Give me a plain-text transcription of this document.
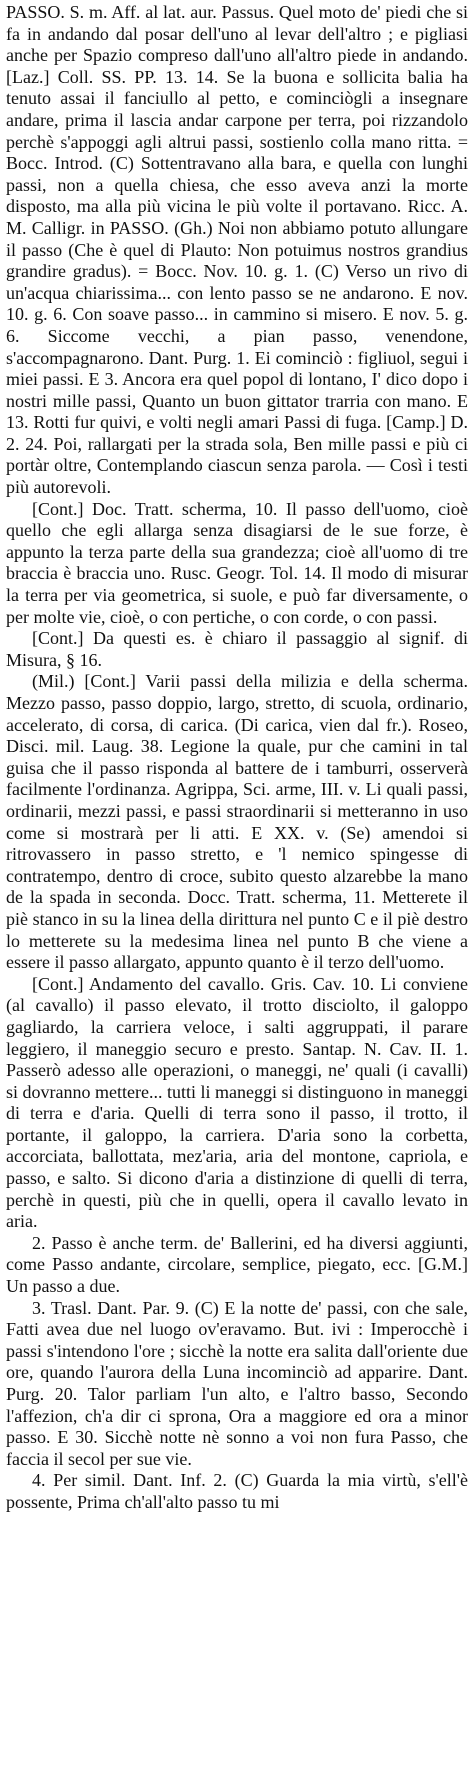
PASSO. S. m. Aff. al lat. aur. Passus. Quel moto de' piedi che si fa in andando dal posar dell'uno al levar dell'altro ; e pigliasi anche per Spazio compreso dall'uno all'altro piede in andando. [Laz.] Coll. SS. PP. 13. 14. Se la buona e sollicita balia ha tenuto assai il fanciullo al petto, e cominciògli a insegnare andare, prima il lascia andar carpone per terra, poi rizzandolo perchè s'appoggi agli altrui passi, sostienlo colla mano ritta. = Bocc. Introd. (C) Sottentravano alla bara, e quella con lunghi passi, non a quella chiesa, che esso aveva anzi la morte disposto, ma alla più vicina le più volte il portavano. Ricc. A. M. Calligr. in PASSO. (Gh.) Noi non abbiamo potuto allungare il passo (Che è quel di Plauto: Non potuimus nostros grandius grandire gradus). = Bocc. Nov. 10. g. 1. (C) Verso un rivo di un'acqua chiarissima... con lento passo se ne andarono. E nov. 10. g. 6. Con soave passo... in cammino si misero. E nov. 5. g. 6. Siccome vecchi, a pian passo, venendone, s'accompagnarono. Dant. Purg. 1. Ei cominciò : figliuol, segui i miei passi. E 3. Ancora era quel popol di lontano, I' dico dopo i nostri mille passi, Quanto un buon gittator trarria con mano. E 13. Rotti fur quivi, e volti negli amari Passi di fuga. [Camp.] D. 2. 24. Poi, rallargati per la strada sola, Ben mille passi e più ci portàr oltre, Contemplando ciascun senza parola. — Così i testi più autorevoli.

[Cont.] Doc. Tratt. scherma, 10. Il passo dell'uomo, cioè quello che egli allarga senza disagiarsi de le sue forze, è appunto la terza parte della sua grandezza; cioè all'uomo di tre braccia è braccia uno. Rusc. Geogr. Tol. 14. Il modo di misurar la terra per via geometrica, si suole, e può far diversamente, o per molte vie, cioè, o con pertiche, o con corde, o con passi.

[Cont.] Da questi es. è chiaro il passaggio al signif. di Misura, § 16.

(Mil.) [Cont.] Varii passi della milizia e della scherma. Mezzo passo, passo doppio, largo, stretto, di scuola, ordinario, accelerato, di corsa, di carica. (Di carica, vien dal fr.). Roseo, Disci. mil. Laug. 38. Legione la quale, pur che camini in tal guisa che il passo risponda al battere de i tamburri, osserverà facilmente l'ordinanza. Agrippa, Sci. arme, III. v. Li quali passi, ordinarii, mezzi passi, e passi straordinarii si metteranno in uso come si mostrarà per li atti. E XX. v. (Se) amendoi si ritrovassero in passo stretto, e 'l nemico spingesse di contratempo, dentro di croce, subito questo alzarebbe la mano de la spada in seconda. Docc. Tratt. scherma, 11. Metterete il piè stanco in su la linea della dirittura nel punto C e il piè destro lo metterete su la medesima linea nel punto B che viene a essere il passo allargato, appunto quanto è il terzo dell'uomo.

[Cont.] Andamento del cavallo. Gris. Cav. 10. Li conviene (al cavallo) il passo elevato, il trotto disciolto, il galoppo gagliardo, la carriera veloce, i salti aggruppati, il parare leggiero, il maneggio securo e presto. Santap. N. Cav. II. 1. Passerò adesso alle operazioni, o maneggi, ne' quali (i cavalli) si dovranno mettere... tutti li maneggi si distinguono in maneggi di terra e d'aria. Quelli di terra sono il passo, il trotto, il portante, il galoppo, la carriera. D'aria sono la corbetta, accorciata, ballottata, mez'aria, aria del montone, capriola, e passo, e salto. Si dicono d'aria a distinzione di quelli di terra, perchè in questi, più che in quelli, opera il cavallo levato in aria.

2. Passo è anche term. de' Ballerini, ed ha diversi aggiunti, come Passo andante, circolare, semplice, piegato, ecc. [G.M.] Un passo a due.

3. Trasl. Dant. Par. 9. (C) E la notte de' passi, con che sale, Fatti avea due nel luogo ov'eravamo. But. ivi : Imperocchè i passi s'intendono l'ore ; sicchè la notte era salita dall'oriente due ore, quando l'aurora della Luna incominciò ad apparire. Dant. Purg. 20. Talor parliam l'un alto, e l'altro basso, Secondo l'affezion, ch'a dir ci sprona, Ora a maggiore ed ora a minor passo. E 30. Sicchè notte nè sonno a voi non fura Passo, che faccia il secol per sue vie.

4. Per simil. Dant. Inf. 2. (C) Guarda la mia virtù, s'ell'è possente, Prima ch'all'alto passo tu mi
